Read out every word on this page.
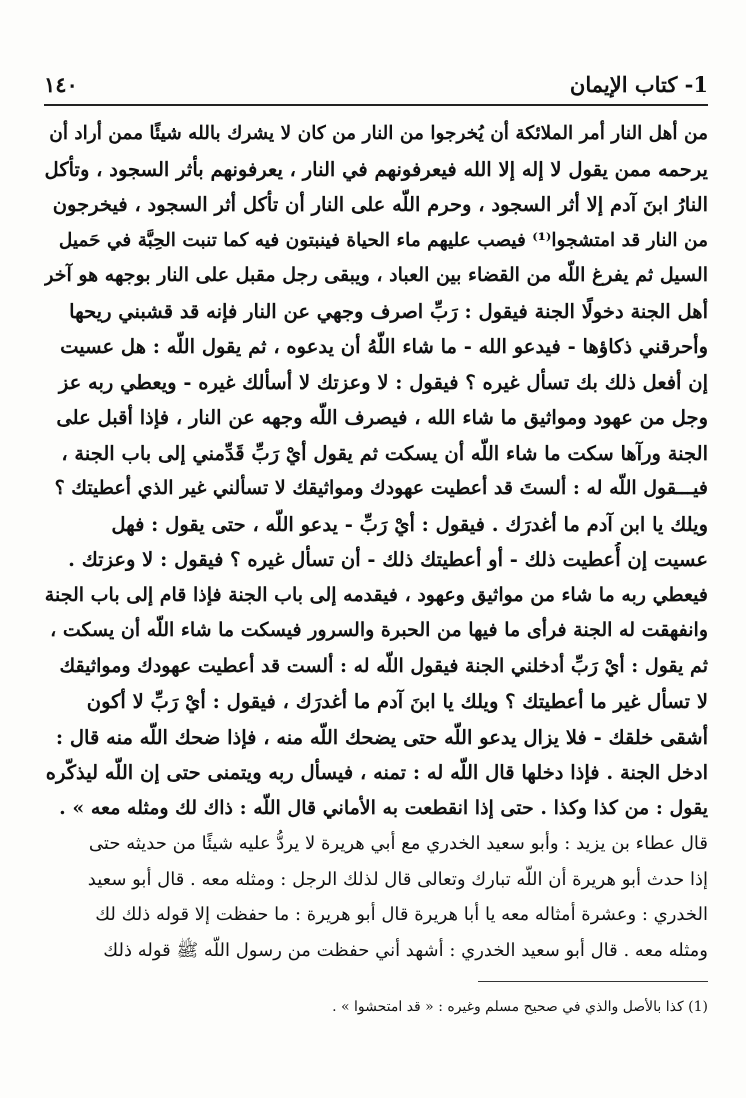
1- كتاب الإيمان
١٤٠
من أهل النار أمر الملائكة أن يُخرجوا من النار من كان لا يشرك بالله شيئًا ممن أراد أن
يرحمه ممن يقول لا إله إلا الله فيعرفونهم في النار ، يعرفونهم بأثر السجود ، وتأكل
النارُ ابنَ آدم إلا أثر السجود ، وحرم اللّه على النار أن تأكل أثر السجود ، فيخرجون
من النار قد امتشجوا⁽¹⁾ فيصب عليهم ماء الحياة فينبتون فيه كما تنبت الحِبَّة في حَميل
السيل ثم يفرغ اللّه من القضاء بين العباد ، ويبقى رجل مقبل على النار بوجهه هو آخر
أهل الجنة دخولًا الجنة فيقول : رَبِّ اصرف وجهي عن النار فإنه قد قشبني ريحها
وأحرقني ذكاؤها - فيدعو الله - ما شاء اللّهُ أن يدعوه ، ثم يقول اللّه : هل عسيت
إن أفعل ذلك بك تسأل غيره ؟ فيقول : لا وعزتك لا أسألك غيره - ويعطي ربه عز
وجل من عهود ومواثيق ما شاء الله ، فيصرف اللّه وجهه عن النار ، فإذا أقبل على
الجنة ورآها سكت ما شاء اللّه أن يسكت ثم يقول أيْ رَبِّ قَدِّمني إلى باب الجنة ،
فيـــقول اللّه له : ألستَ قد أعطيت عهودك ومواثيقك لا تسألني غير الذي أعطيتك ؟
ويلك يا ابن آدم ما أغدرَك . فيقول : أيْ رَبِّ - يدعو اللّه ، حتى يقول : فهل
عسيت إن أُعطيت ذلك - أو أعطيتك ذلك - أن تسأل غيره ؟ فيقول : لا وعزتك .
فيعطي ربه ما شاء من مواثيق وعهود ، فيقدمه إلى باب الجنة فإذا قام إلى باب الجنة
وانفهقت له الجنة فرأى ما فيها من الحبرة والسرور فيسكت ما شاء اللّه أن يسكت ،
ثم يقول : أيْ رَبِّ أدخلني الجنة فيقول اللّه له : ألست قد أعطيت عهودك ومواثيقك
لا تسأل غير ما أعطيتك ؟ ويلك يا ابنَ آدم ما أغدرَك ، فيقول : أيْ رَبِّ لا أكون
أشقى خلقك - فلا يزال يدعو اللّه حتى يضحك اللّه منه ، فإذا ضحك اللّه منه قال :
ادخل الجنة . فإذا دخلها قال اللّه له : تمنه ، فيسأل ربه ويتمنى حتى إن اللّه ليذكّره
يقول : من كذا وكذا . حتى إذا انقطعت به الأماني قال اللّه : ذاك لك ومثله معه » .
قال عطاء بن يزيد : وأبو سعيد الخدري مع أبي هريرة لا يردُّ عليه شيئًا من حديثه حتى
إذا حدث أبو هريرة أن اللّه تبارك وتعالى قال لذلك الرجل : ومثله معه . قال أبو سعيد
الخدري : وعشرة أمثاله معه يا أبا هريرة قال أبو هريرة : ما حفظت إلا قوله ذلك لك
ومثله معه . قال أبو سعيد الخدري : أشهد أني حفظت من رسول اللّه ﷺ قوله ذلك
(1) كذا بالأصل والذي في صحيح مسلم وغيره : « قد امتحشوا » .
